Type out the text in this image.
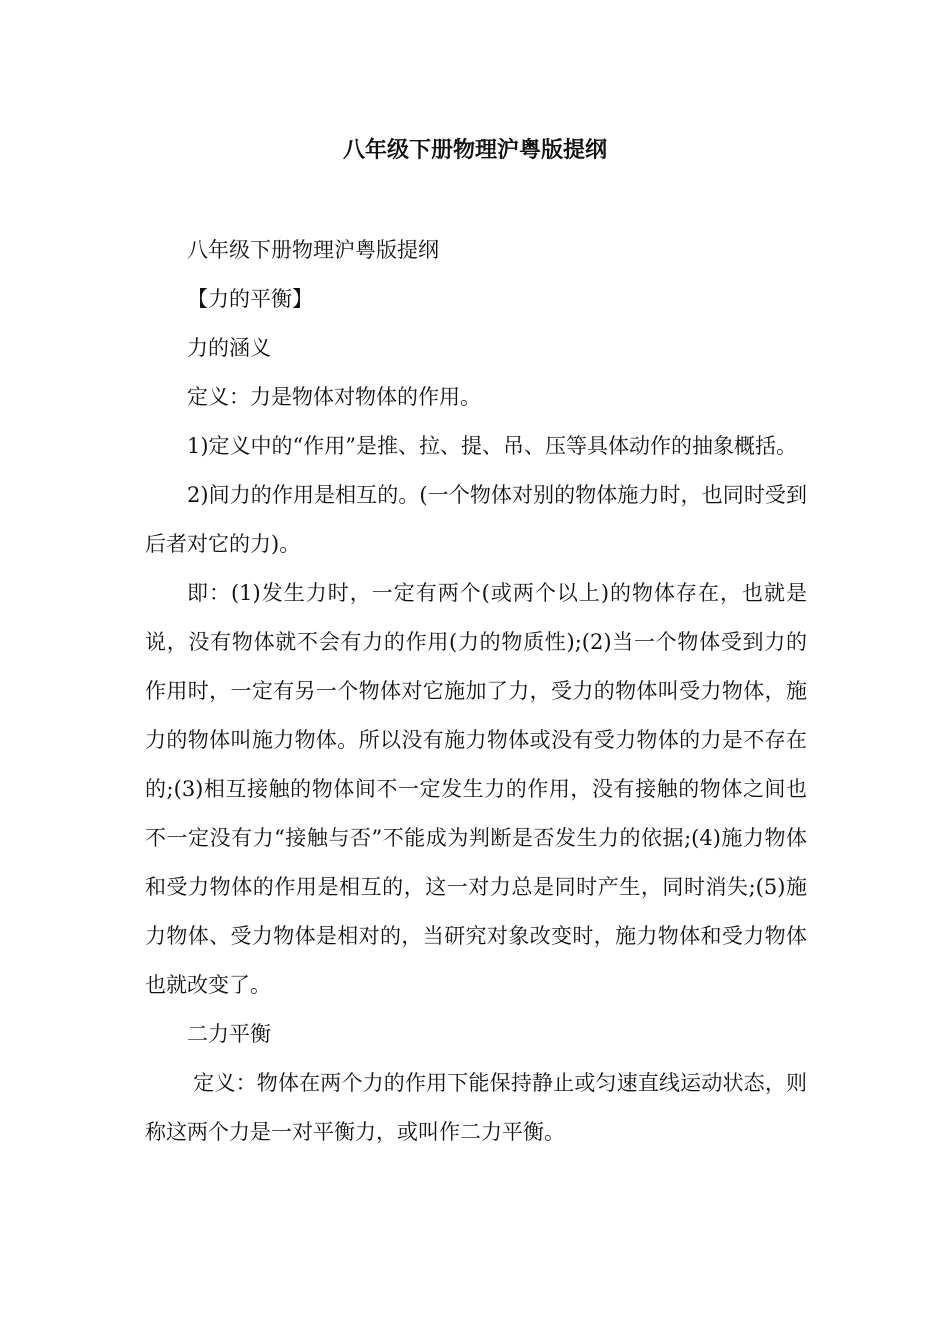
八年级下册物理沪粤版提纲

八年级下册物理沪粤版提纲

【力的平衡】

力的涵义

定义：力是物体对物体的作用。

1)定义中的“作用”是推、拉、提、吊、压等具体动作的抽象概括。

2)间力的作用是相互的。(一个物体对别的物体施力时，也同时受到后者对它的力)。

即：(1)发生力时，一定有两个(或两个以上)的物体存在，也就是说，没有物体就不会有力的作用(力的物质性);(2)当一个物体受到力的作用时，一定有另一个物体对它施加了力，受力的物体叫受力物体，施力的物体叫施力物体。所以没有施力物体或没有受力物体的力是不存在的;(3)相互接触的物体间不一定发生力的作用，没有接触的物体之间也不一定没有力“接触与否”不能成为判断是否发生力的依据;(4)施力物体和受力物体的作用是相互的，这一对力总是同时产生，同时消失;(5)施力物体、受力物体是相对的，当研究对象改变时，施力物体和受力物体也就改变了。

二力平衡

定义：物体在两个力的作用下能保持静止或匀速直线运动状态，则称这两个力是一对平衡力，或叫作二力平衡。
